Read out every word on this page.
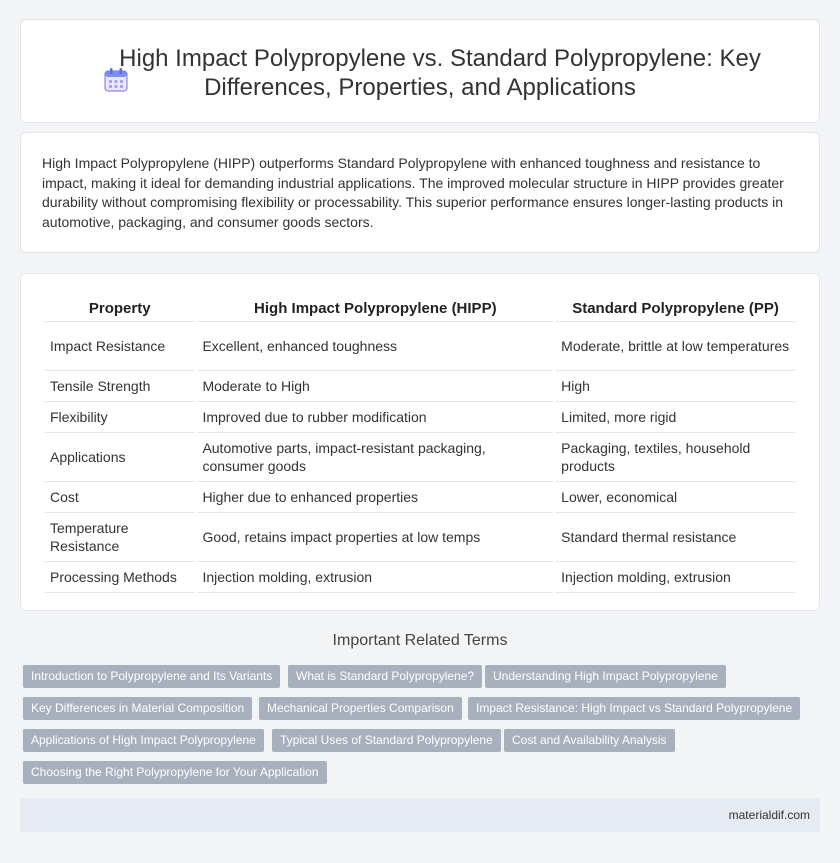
High Impact Polypropylene vs. Standard Polypropylene: Key
Differences, Properties, and Applications
High Impact Polypropylene (HIPP) outperforms Standard Polypropylene with enhanced toughness and resistance to impact, making it ideal for demanding industrial applications. The improved molecular structure in HIPP provides greater durability without compromising flexibility or processability. This superior performance ensures longer-lasting products in automotive, packaging, and consumer goods sectors.
Property	High Impact Polypropylene (HIPP)	Standard Polypropylene (PP)
Impact Resistance	Excellent, enhanced toughness	Moderate, brittle at low temperatures
Tensile Strength	Moderate to High	High
Flexibility	Improved due to rubber modification	Limited, more rigid
Applications	Automotive parts, impact-resistant packaging, consumer goods	Packaging, textiles, household products
Cost	Higher due to enhanced properties	Lower, economical
Temperature Resistance	Good, retains impact properties at low temps	Standard thermal resistance
Processing Methods	Injection molding, extrusion	Injection molding, extrusion
Important Related Terms
Introduction to Polypropylene and Its Variants	What is Standard Polypropylene?	Understanding High Impact Polypropylene
Key Differences in Material Composition	Mechanical Properties Comparison	Impact Resistance: High Impact vs Standard Polypropylene
Applications of High Impact Polypropylene	Typical Uses of Standard Polypropylene	Cost and Availability Analysis
Choosing the Right Polypropylene for Your Application
materialdif.com
